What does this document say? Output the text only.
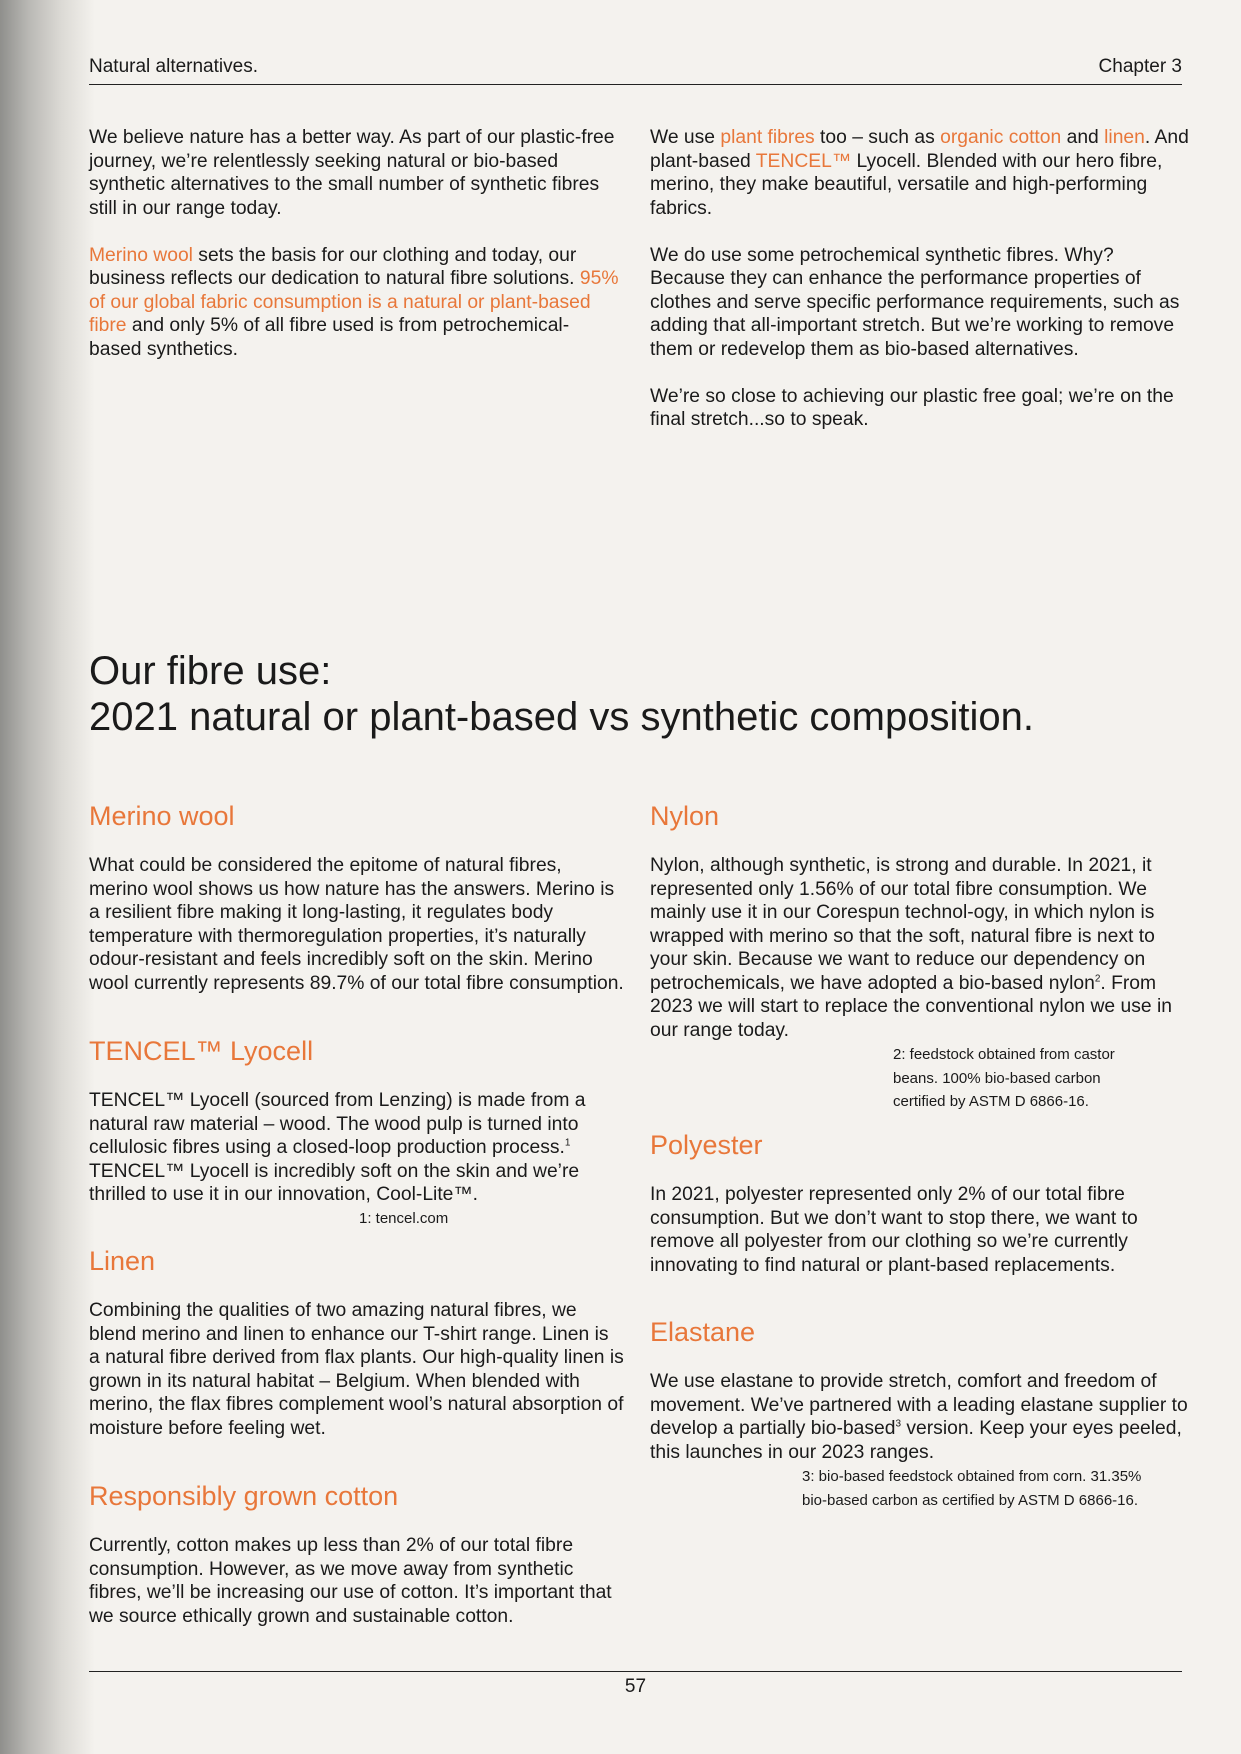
Natural alternatives.	Chapter 3

We believe nature has a better way. As part of our plastic-free journey, we’re relentlessly seeking natural or bio-based synthetic alternatives to the small number of synthetic fibres still in our range today.

Merino wool sets the basis for our clothing and today, our business reflects our dedication to natural fibre solutions. 95% of our global fabric consumption is a natural or plant-based fibre and only 5% of all fibre used is from petrochemical-based synthetics.

We use plant fibres too – such as organic cotton and linen. And plant-based TENCEL™ Lyocell. Blended with our hero fibre, merino, they make beautiful, versatile and high-performing fabrics.

We do use some petrochemical synthetic fibres. Why? Because they can enhance the performance properties of clothes and serve specific performance requirements, such as adding that all-important stretch. But we’re working to remove them or redevelop them as bio-based alternatives.

We’re so close to achieving our plastic free goal; we’re on the final stretch...so to speak.

Our fibre use:
2021 natural or plant-based vs synthetic composition.
Merino wool

What could be considered the epitome of natural fibres, merino wool shows us how nature has the answers. Merino is a resilient fibre making it long-lasting, it regulates body temperature with thermoregulation properties, it’s naturally odour-resistant and feels incredibly soft on the skin. Merino wool currently represents 89.7% of our total fibre consumption.

TENCEL™ Lyocell

TENCEL™ Lyocell (sourced from Lenzing) is made from a natural raw material – wood. The wood pulp is turned into cellulosic fibres using a closed-loop production process.$^1$ TENCEL™ Lyocell is incredibly soft on the skin and we’re thrilled to use it in our innovation, Cool-Lite™.

1: tencel.com
Linen

Combining the qualities of two amazing natural fibres, we blend merino and linen to enhance our T-shirt range. Linen is a natural fibre derived from flax plants. Our high-quality linen is grown in its natural habitat – Belgium. When blended with merino, the flax fibres complement wool’s natural absorption of moisture before feeling wet.

Responsibly grown cotton

Currently, cotton makes up less than 2% of our total fibre consumption. However, as we move away from synthetic fibres, we’ll be increasing our use of cotton. It’s important that we source ethically grown and sustainable cotton.

Nylon

Nylon, although synthetic, is strong and durable. In 2021, it represented only 1.56% of our total fibre consumption. We mainly use it in our Corespun technol-ogy, in which nylon is wrapped with merino so that the soft, natural fibre is next to your skin. Because we want to reduce our dependency on petrochemicals, we have adopted a bio-based nylon$^2$. From 2023 we will start to replace the conventional nylon we use in our range today.

2: feedstock obtained from castor beans. 100% bio-based carbon certified by ASTM D 6866-16.
Polyester

In 2021, polyester represented only 2% of our total fibre consumption. But we don’t want to stop there, we want to remove all polyester from our clothing so we’re currently innovating to find natural or plant-based replacements.

Elastane

We use elastane to provide stretch, comfort and freedom of movement. We’ve partnered with a leading elastane supplier to develop a partially bio-based$^3$ version. Keep your eyes peeled, this launches in our 2023 ranges.

3: bio-based feedstock obtained from corn. 31.35% bio-based carbon as certified by ASTM D 6866-16.
57
